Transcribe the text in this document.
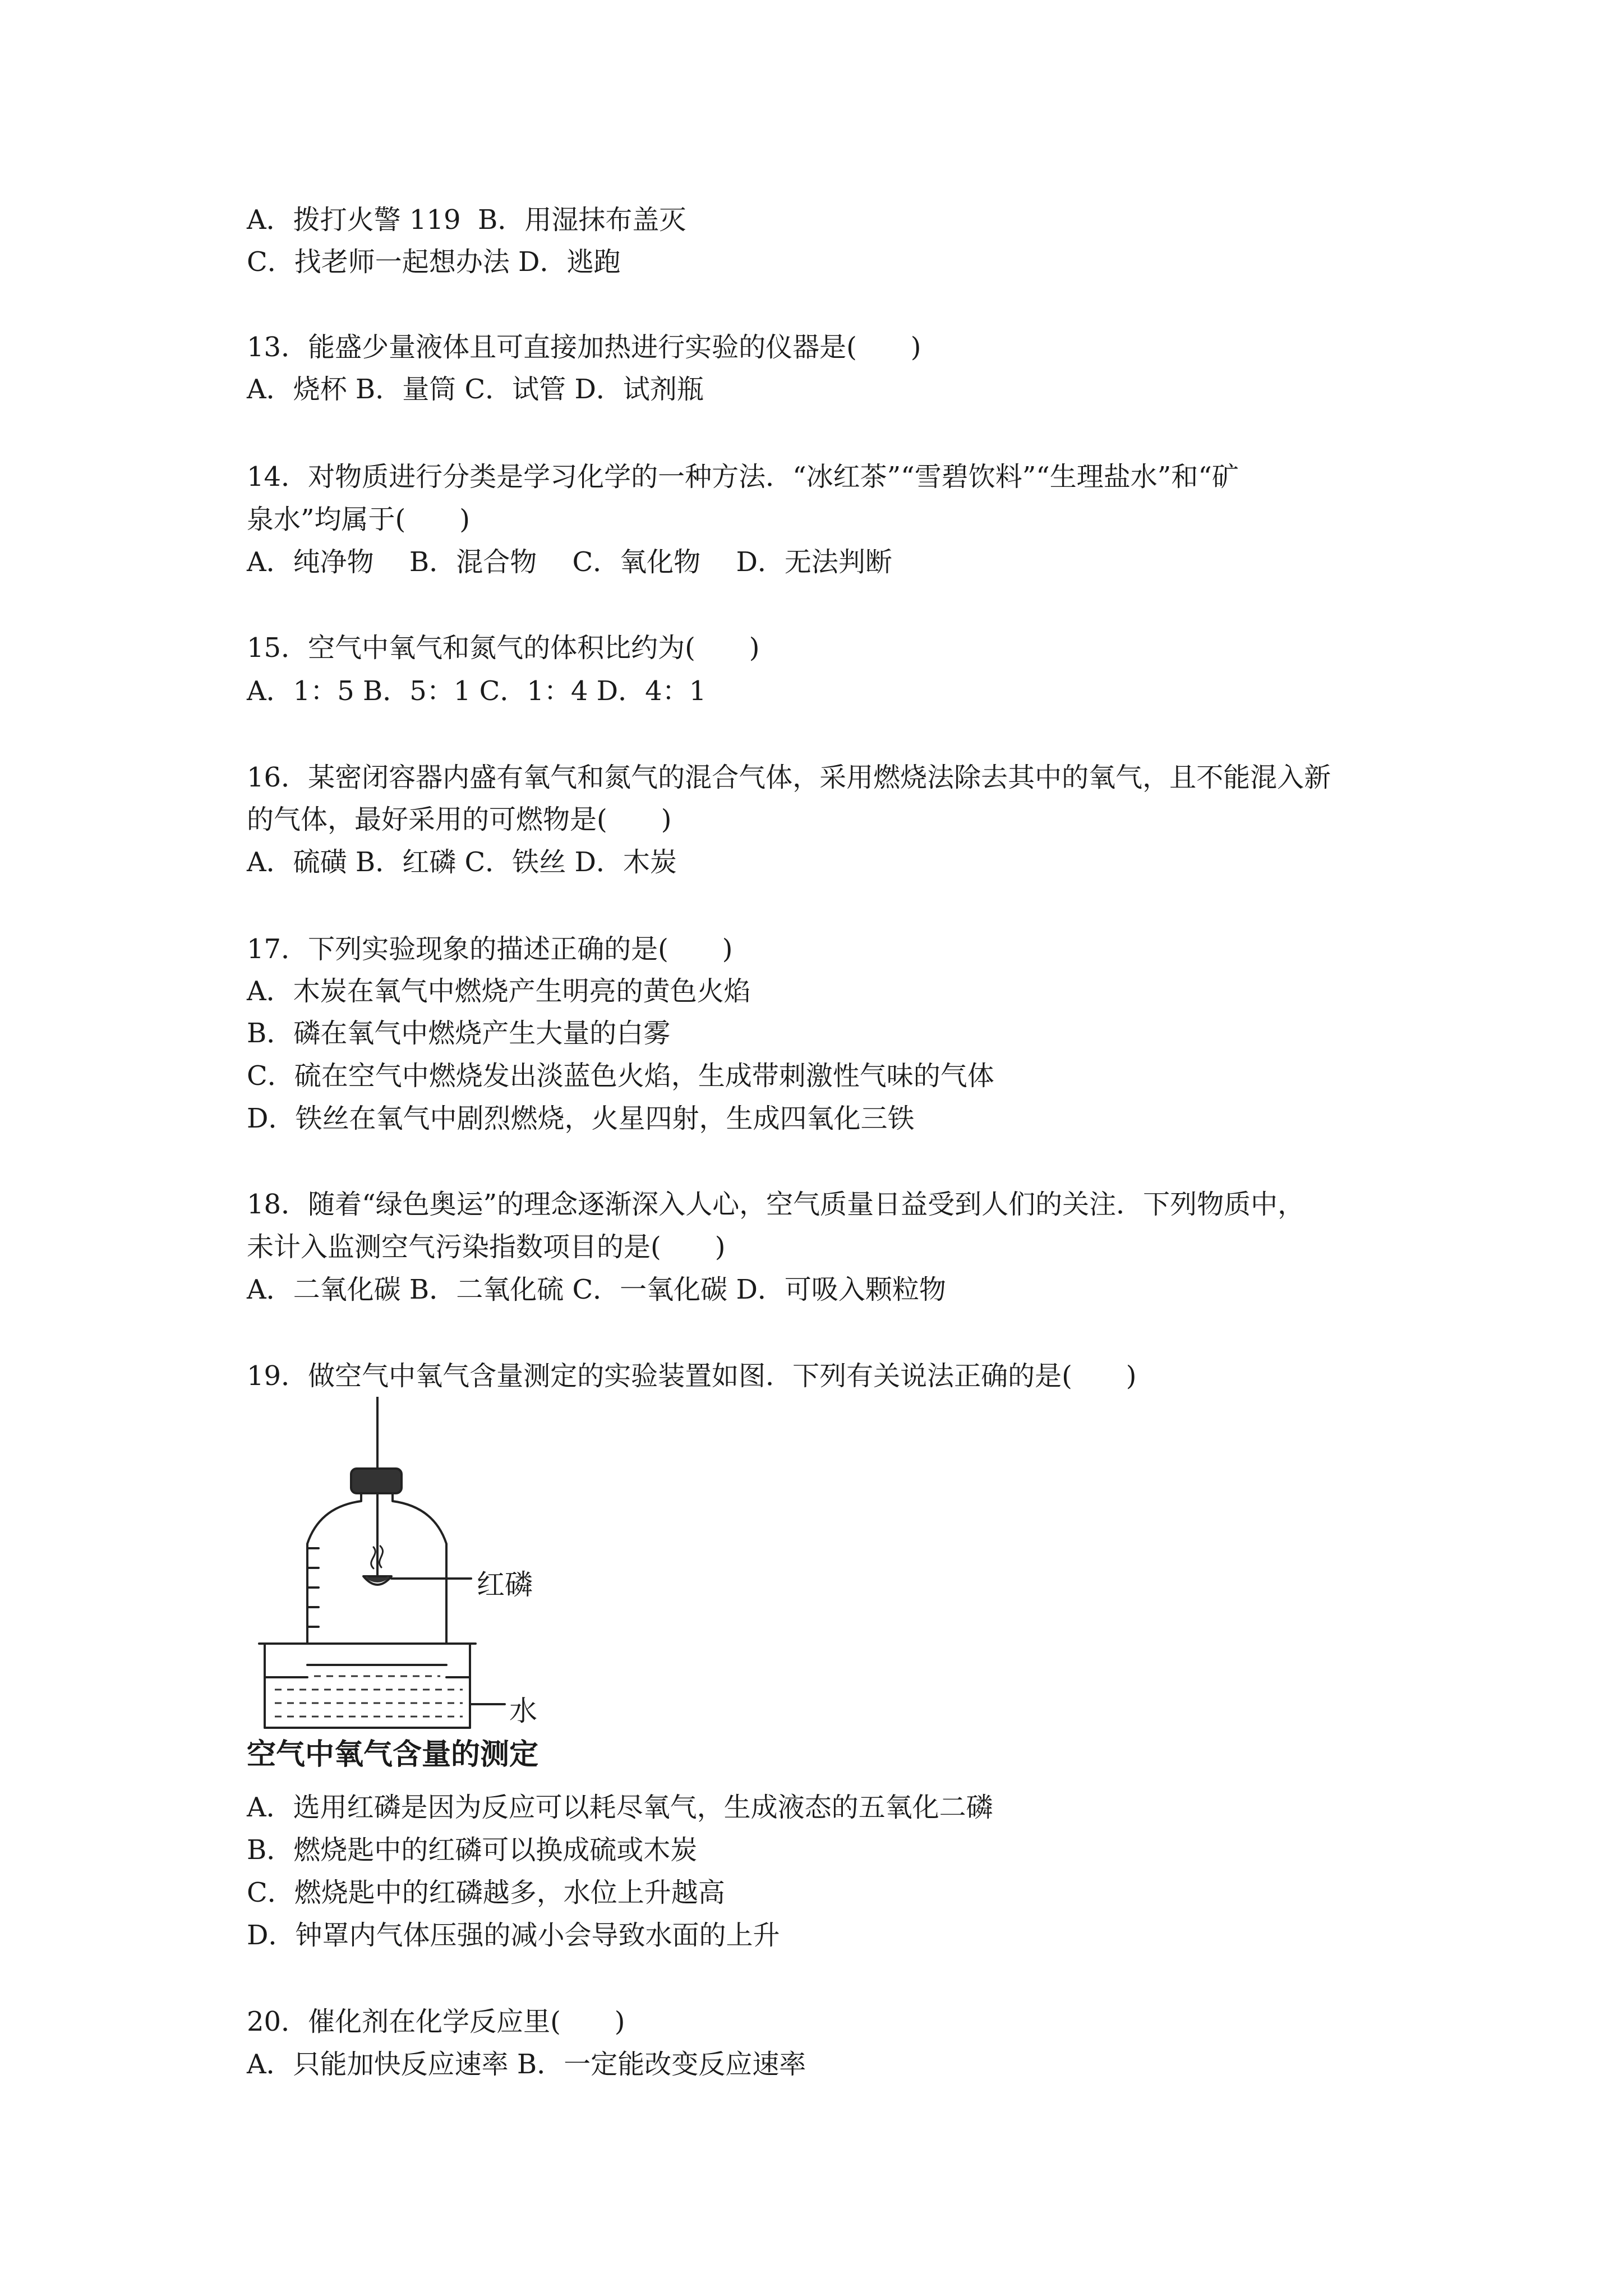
A．拨打火警 119  B．用湿抹布盖灭
C．找老师一起想办法 D．逃跑
13．能盛少量液体且可直接加热进行实验的仪器是(　　)
A．烧杯 B．量筒 C．试管 D．试剂瓶
14．对物质进行分类是学习化学的一种方法．“冰红茶”“雪碧饮料”“生理盐水”和“矿
泉水”均属于(　　)
A．纯净物　 B．混合物　 C．氧化物　 D．无法判断
15．空气中氧气和氮气的体积比约为(　　)
A．1：5 B．5：1 C．1：4 D．4：1
16．某密闭容器内盛有氧气和氮气的混合气体，采用燃烧法除去其中的氧气，且不能混入新
的气体，最好采用的可燃物是(　　)
A．硫磺 B．红磷 C．铁丝 D．木炭
17．下列实验现象的描述正确的是(　　)
A．木炭在氧气中燃烧产生明亮的黄色火焰
B．磷在氧气中燃烧产生大量的白雾
C．硫在空气中燃烧发出淡蓝色火焰，生成带刺激性气味的气体
D．铁丝在氧气中剧烈燃烧，火星四射，生成四氧化三铁
18．随着“绿色奥运”的理念逐渐深入人心，空气质量日益受到人们的关注．下列物质中，
未计入监测空气污染指数项目的是(　　)
A．二氧化碳 B．二氧化硫 C．一氧化碳 D．可吸入颗粒物
19．做空气中氧气含量测定的实验装置如图．下列有关说法正确的是(　　)
红磷
水
空气中氧气含量的测定
A．选用红磷是因为反应可以耗尽氧气，生成液态的五氧化二磷
B．燃烧匙中的红磷可以换成硫或木炭
C．燃烧匙中的红磷越多，水位上升越高
D．钟罩内气体压强的减小会导致水面的上升
20．催化剂在化学反应里(　　)
A．只能加快反应速率 B．一定能改变反应速率
